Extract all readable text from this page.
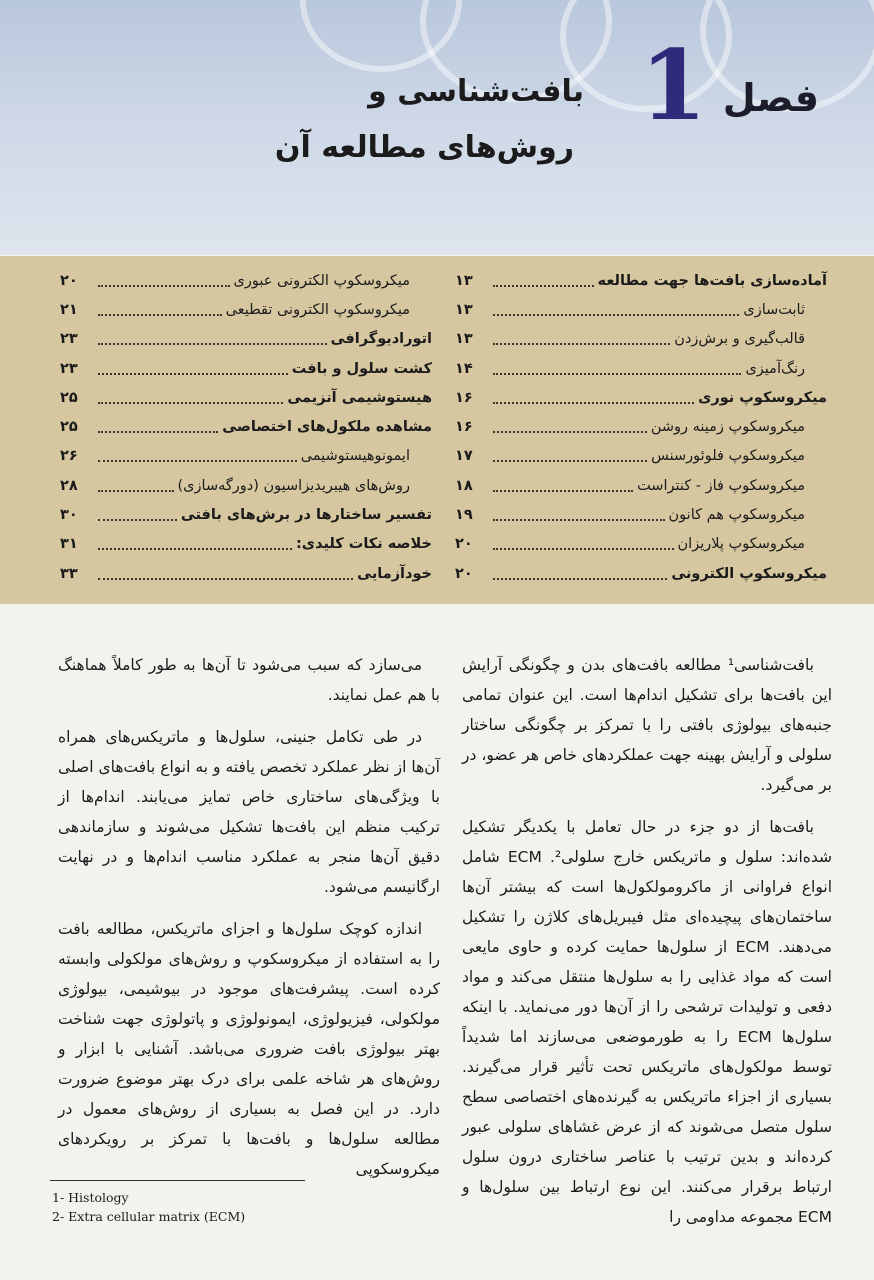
فصل
1
بافت‌شناسی و
روش‌های مطالعه آن
آماده‌سازی بافت‌ها جهت مطالعه
۱۳
ثابت‌سازی
۱۳
قالب‌گیری و برش‌زدن
۱۳
رنگ‌آمیزی
۱۴
میکروسکوپ نوری
۱۶
میکروسکوپ زمینه روشن
۱۶
میکروسکوپ فلوئورسنس
۱۷
میکروسکوپ فاز - کنتراست
۱۸
میکروسکوپ هم کانون
۱۹
میکروسکوپ پلاریزان
۲۰
میکروسکوپ الکترونی
۲۰
میکروسکوپ الکترونی عبوری
۲۰
میکروسکوپ الکترونی تقطیعی
۲۱
اتورادیوگرافی
۲۳
کشت سلول و بافت
۲۳
هیستوشیمی آنزیمی
۲۵
مشاهده ملکول‌های اختصاصی
۲۵
ایمونوهیستوشیمی
۲۶
روش‌های هیبریدیزاسیون (دورگه‌سازی)
۲۸
تفسیر ساختارها در برش‌های بافتی
۳۰
خلاصه نکات کلیدی:
۳۱
خودآزمایی
۳۳

بافت‌شناسی¹ مطالعه بافت‌های بدن و چگونگی آرایش این بافت‌ها برای تشکیل اندام‌ها است. این عنوان تمامی جنبه‌های بیولوژی بافتی را با تمرکز بر چگونگی ساختار سلولی و آرایش بهینه جهت عملکردهای خاص هر عضو، در بر می‌گیرد.

بافت‌ها از دو جزء در حال تعامل با یکدیگر تشکیل شده‌اند: سلول و ماتریکس خارج سلولی². ECM شامل انواع فراوانی از ماکرومولکول‌ها است که بیشتر آن‌ها ساختمان‌های پیچیده‌ای مثل فیبریل‌های کلاژن را تشکیل می‌دهند. ECM از سلول‌ها حمایت کرده و حاوی مایعی است که مواد غذایی را به سلول‌ها منتقل می‌کند و مواد دفعی و تولیدات ترشحی را از آن‌ها دور می‌نماید. با اینکه سلول‌ها ECM را به طورموضعی می‌سازند اما شدیداً توسط مولکول‌های ماتریکس تحت تأثیر قرار می‌گیرند. بسیاری از اجزاء ماتریکس به گیرنده‌های اختصاصی سطح سلول متصل می‌شوند که از عرض غشاهای سلولی عبور کرده‌اند و بدین ترتیب با عناصر ساختاری درون سلول ارتباط برقرار می‌کنند. این نوع ارتباط بین سلول‌ها و ECM مجموعه مداومی را

می‌سازد که سبب می‌شود تا آن‌ها به طور کاملاً هماهنگ با هم عمل نمایند.

در طی تکامل جنینی، سلول‌ها و ماتریکس‌های همراه آن‌ها از نظر عملکرد تخصص یافته و به انواع بافت‌های اصلی با ویژگی‌های ساختاری خاص تمایز می‌یابند. اندام‌ها از ترکیب منظم این بافت‌ها تشکیل می‌شوند و سازماندهی دقیق آن‌ها منجر به عملکرد مناسب اندام‌ها و در نهایت ارگانیسم می‌شود.

اندازه کوچک سلول‌ها و اجزای ماتریکس، مطالعه بافت را به استفاده از میکروسکوپ و روش‌های مولکولی وابسته کرده است. پیشرفت‌های موجود در بیوشیمی، بیولوژی مولکولی، فیزیولوژی، ایمونولوژی و پاتولوژی جهت شناخت بهتر بیولوژی بافت ضروری می‌باشد. آشنایی با ابزار و روش‌های هر شاخه علمی برای درک بهتر موضوع ضرورت دارد. در این فصل به بسیاری از روش‌های معمول در مطالعه سلول‌ها و بافت‌ها با تمرکز بر رویکردهای میکروسکوپی

1- Histology
2- Extra cellular matrix (ECM)
